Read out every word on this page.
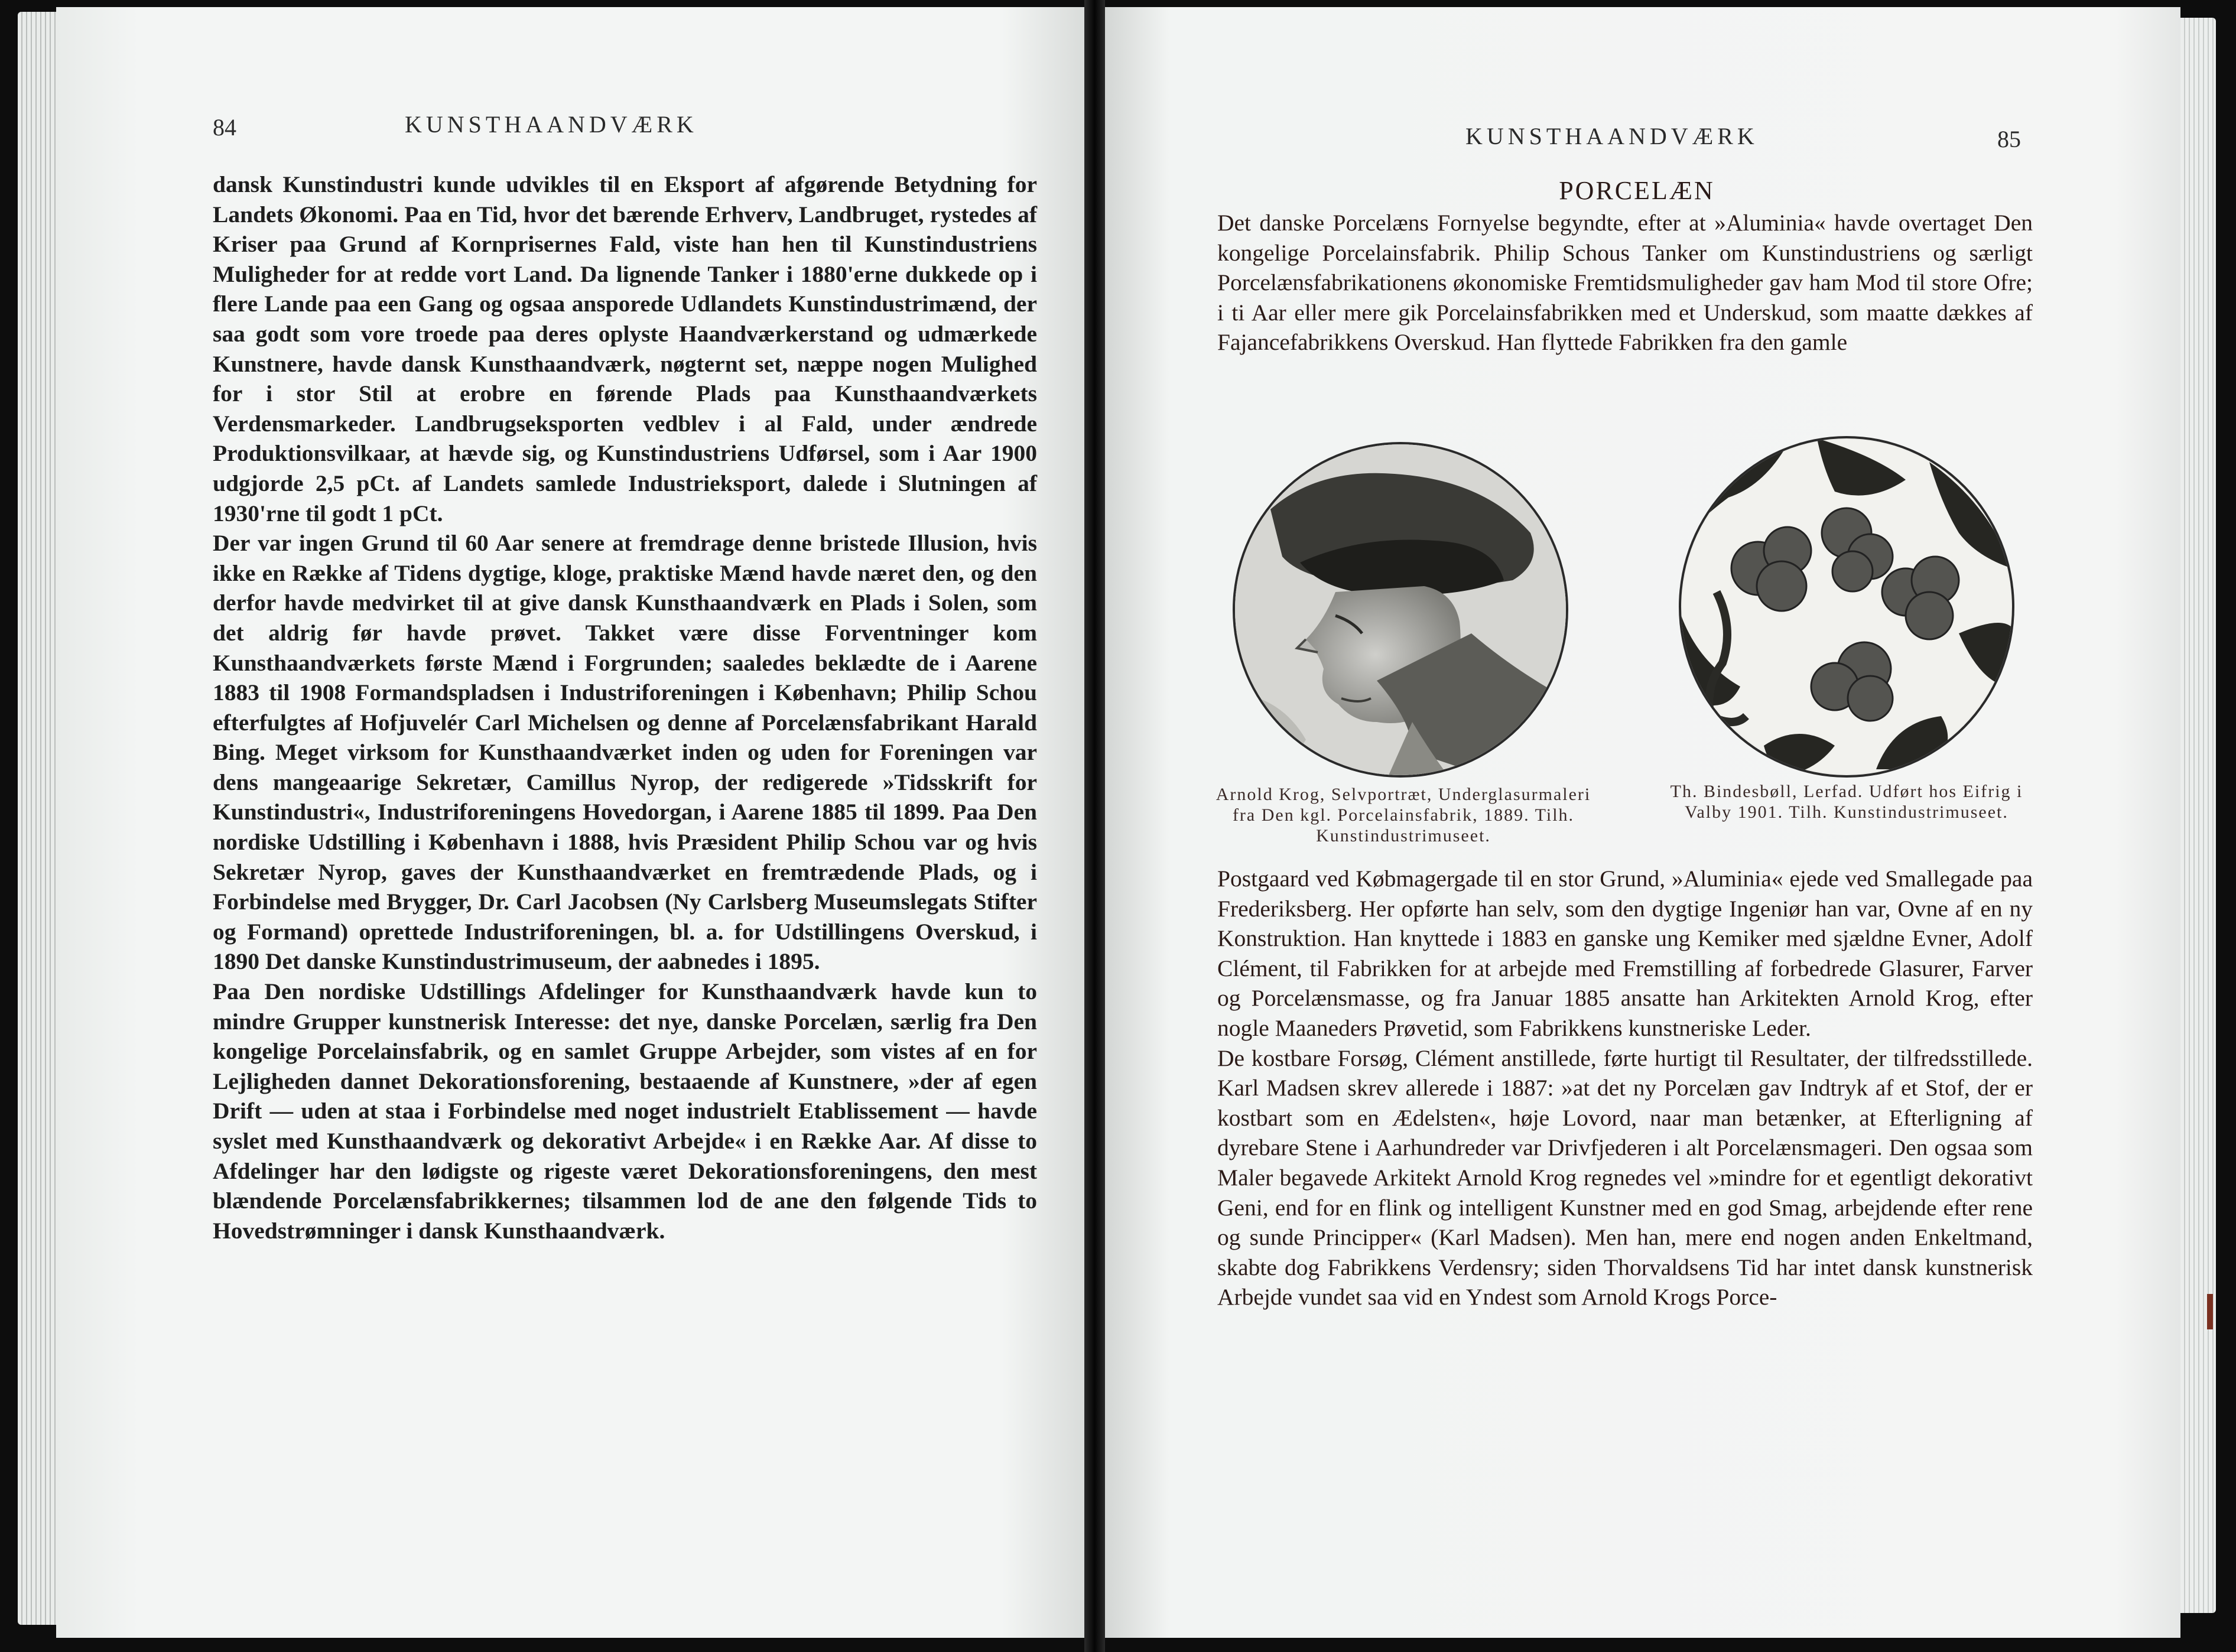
84	KUNSTHAANDVÆRK

dansk Kunstindustri kunde udvikles til en Eksport af afgørende Betydning for Landets Økonomi. Paa en Tid, hvor det bærende Erhverv, Landbruget, rystedes af Kriser paa Grund af Kornprisernes Fald, viste han hen til Kunstindustriens Muligheder for at redde vort Land. Da lignende Tanker i 1880'erne dukkede op i flere Lande paa een Gang og ogsaa ansporede Udlandets Kunstindustrimænd, der saa godt som vore troede paa deres oplyste Haandværkerstand og udmærkede Kunstnere, havde dansk Kunsthaandværk, nøgternt set, næppe nogen Mulighed for i stor Stil at erobre en førende Plads paa Kunsthaandværkets Verdensmarkeder. Landbrugseksporten vedblev i al Fald, under ændrede Produktionsvilkaar, at hævde sig, og Kunstindustriens Udførsel, som i Aar 1900 udgjorde 2,5 pCt. af Landets samlede Industrieksport, dalede i Slutningen af 1930'rne til godt 1 pCt.

Der var ingen Grund til 60 Aar senere at fremdrage denne bristede Illusion, hvis ikke en Række af Tidens dygtige, kloge, praktiske Mænd havde næret den, og den derfor havde medvirket til at give dansk Kunsthaandværk en Plads i Solen, som det aldrig før havde prøvet. Takket være disse Forventninger kom Kunsthaandværkets første Mænd i Forgrunden; saaledes beklædte de i Aarene 1883 til 1908 Formandspladsen i Industriforeningen i København; Philip Schou efterfulgtes af Hofjuvelér Carl Michelsen og denne af Porcelænsfabrikant Harald Bing. Meget virksom for Kunsthaandværket inden og uden for Foreningen var dens mangeaarige Sekretær, Camillus Nyrop, der redigerede »Tidsskrift for Kunstindustri«, Industriforeningens Hovedorgan, i Aarene 1885 til 1899. Paa Den nordiske Udstilling i København i 1888, hvis Præsident Philip Schou var og hvis Sekretær Nyrop, gaves der Kunsthaandværket en fremtrædende Plads, og i Forbindelse med Brygger, Dr. Carl Jacobsen (Ny Carlsberg Museumslegats Stifter og Formand) oprettede Industriforeningen, bl. a. for Udstillingens Overskud, i 1890 Det danske Kunstindustrimuseum, der aabnedes i 1895.

Paa Den nordiske Udstillings Afdelinger for Kunsthaandværk havde kun to mindre Grupper kunstnerisk Interesse: det nye, danske Porcelæn, særlig fra Den kongelige Porcelainsfabrik, og en samlet Gruppe Arbejder, som vistes af en for Lejligheden dannet Dekorationsforening, bestaaende af Kunstnere, »der af egen Drift — uden at staa i Forbindelse med noget industrielt Etablissement — havde syslet med Kunsthaandværk og dekorativt Arbejde« i en Række Aar. Af disse to Afdelinger har den lødigste og rigeste været Dekorationsforeningens, den mest blændende Porcelænsfabrikkernes; tilsammen lod de ane den følgende Tids to Hovedstrømninger i dansk Kunsthaandværk.

KUNSTHAANDVÆRK	85
PORCELÆN

Det danske Porcelæns Fornyelse begyndte, efter at »Aluminia« havde overtaget Den kongelige Porcelainsfabrik. Philip Schous Tanker om Kunstindustriens og særligt Porcelænsfabrikationens økonomiske Fremtidsmuligheder gav ham Mod til store Ofre; i ti Aar eller mere gik Porcelainsfabrikken med et Underskud, som maatte dækkes af Fajancefabrikkens Overskud. Han flyttede Fabrikken fra den gamle

Arnold Krog, Selvportræt, Underglasurmaleri fra Den kgl. Porcelainsfabrik, 1889. Tilh. Kunstindustrimuseet.
Th. Bindesbøll, Lerfad. Udført hos Eifrig i Valby 1901. Tilh. Kunstindustrimuseet.

Postgaard ved Købmagergade til en stor Grund, »Aluminia« ejede ved Smallegade paa Frederiksberg. Her opførte han selv, som den dygtige Ingeniør han var, Ovne af en ny Konstruktion. Han knyttede i 1883 en ganske ung Kemiker med sjældne Evner, Adolf Clément, til Fabrikken for at arbejde med Fremstilling af forbedrede Glasurer, Farver og Porcelænsmasse, og fra Januar 1885 ansatte han Arkitekten Arnold Krog, efter nogle Maaneders Prøvetid, som Fabrikkens kunstneriske Leder.

De kostbare Forsøg, Clément anstillede, førte hurtigt til Resultater, der tilfredsstillede. Karl Madsen skrev allerede i 1887: »at det ny Porcelæn gav Indtryk af et Stof, der er kostbart som en Ædelsten«, høje Lovord, naar man betænker, at Efterligning af dyrebare Stene i Aarhundreder var Drivfjederen i alt Porcelænsmageri. Den ogsaa som Maler begavede Arkitekt Arnold Krog regnedes vel »mindre for et egentligt dekorativt Geni, end for en flink og intelligent Kunstner med en god Smag, arbejdende efter rene og sunde Principper« (Karl Madsen). Men han, mere end nogen anden Enkeltmand, skabte dog Fabrikkens Verdensry; siden Thorvaldsens Tid har intet dansk kunstnerisk Arbejde vundet saa vid en Yndest som Arnold Krogs Porce-
